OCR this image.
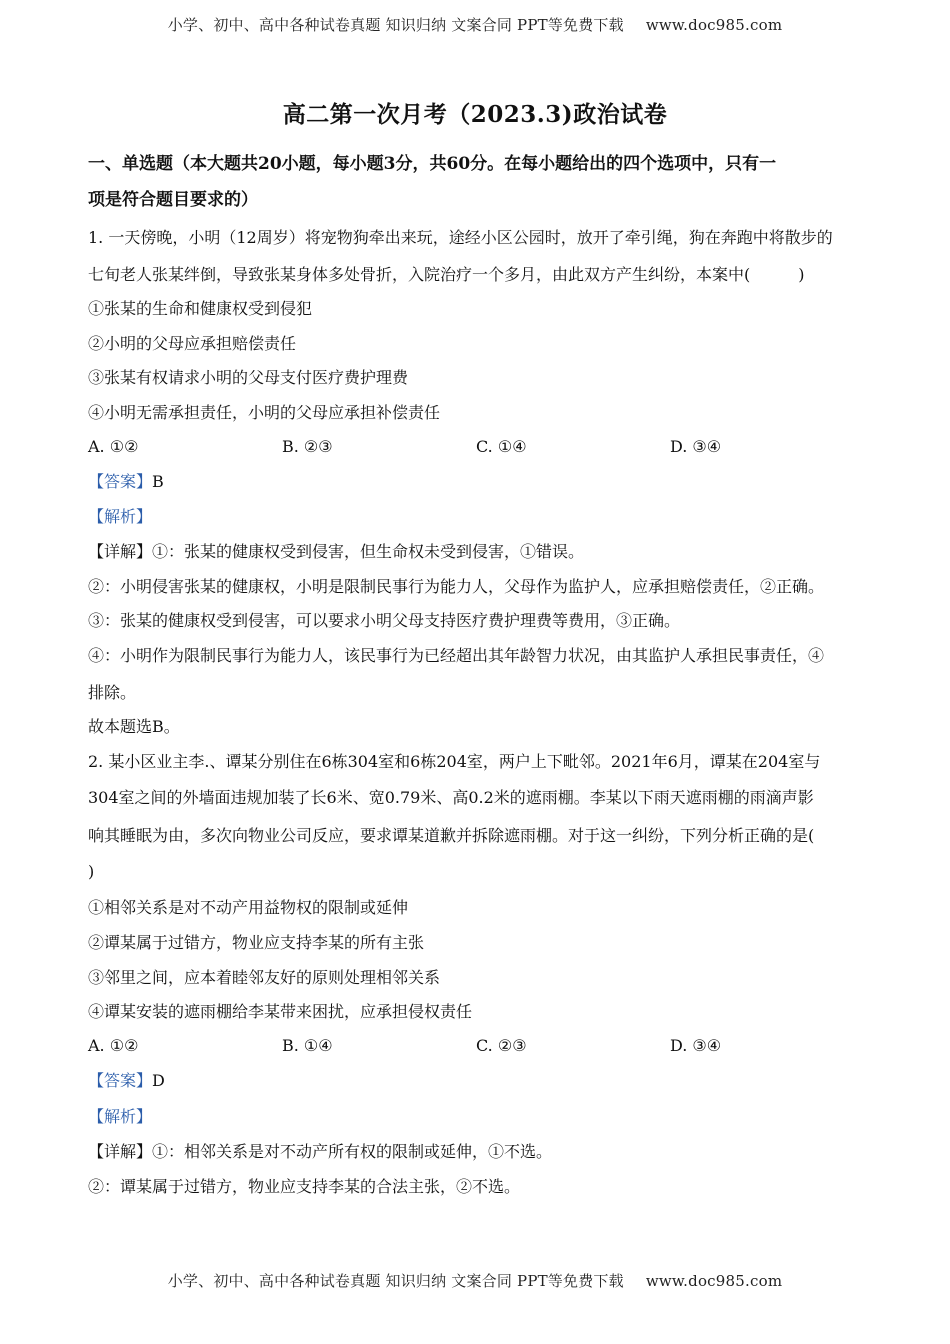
小学、初中、高中各种试卷真题 知识归纳 文案合同 PPT等免费下载 www.doc985.com
高二第一次月考（2023.3)政治试卷
一、单选题（本大题共20小题，每小题3分，共60分。在每小题给出的四个选项中，只有一
项是符合题目要求的）
1. 一天傍晚，小明（12周岁）将宠物狗牵出来玩，途经小区公园时，放开了牵引绳，狗在奔跑中将散步的
七旬老人张某绊倒，导致张某身体多处骨折，入院治疗一个多月，由此双方产生纠纷，本案中(　　　)
①张某的生命和健康权受到侵犯
②小明的父母应承担赔偿责任
③张某有权请求小明的父母支付医疗费护理费
④小明无需承担责任，小明的父母应承担补偿责任
A. ①②	B. ②③	C. ①④	D. ③④
【答案】B
【解析】
【详解】①：张某的健康权受到侵害，但生命权未受到侵害，①错误。
②：小明侵害张某的健康权，小明是限制民事行为能力人，父母作为监护人，应承担赔偿责任，②正确。
③：张某的健康权受到侵害，可以要求小明父母支持医疗费护理费等费用，③正确。
④：小明作为限制民事行为能力人，该民事行为已经超出其年龄智力状况，由其监护人承担民事责任，④
排除。
故本题选B。
2. 某小区业主李.、谭某分别住在6栋304室和6栋204室，两户上下毗邻。2021年6月，谭某在204室与
304室之间的外墙面违规加装了长6米、宽0.79米、高0.2米的遮雨棚。李某以下雨天遮雨棚的雨滴声影
响其睡眠为由，多次向物业公司反应，要求谭某道歉并拆除遮雨棚。对于这一纠纷，下列分析正确的是(
)
①相邻关系是对不动产用益物权的限制或延伸
②谭某属于过错方，物业应支持李某的所有主张
③邻里之间，应本着睦邻友好的原则处理相邻关系
④谭某安装的遮雨棚给李某带来困扰，应承担侵权责任
A. ①②	B. ①④	C. ②③	D. ③④
【答案】D
【解析】
【详解】①：相邻关系是对不动产所有权的限制或延伸，①不选。
②：谭某属于过错方，物业应支持李某的合法主张，②不选。
小学、初中、高中各种试卷真题 知识归纳 文案合同 PPT等免费下载 www.doc985.com
